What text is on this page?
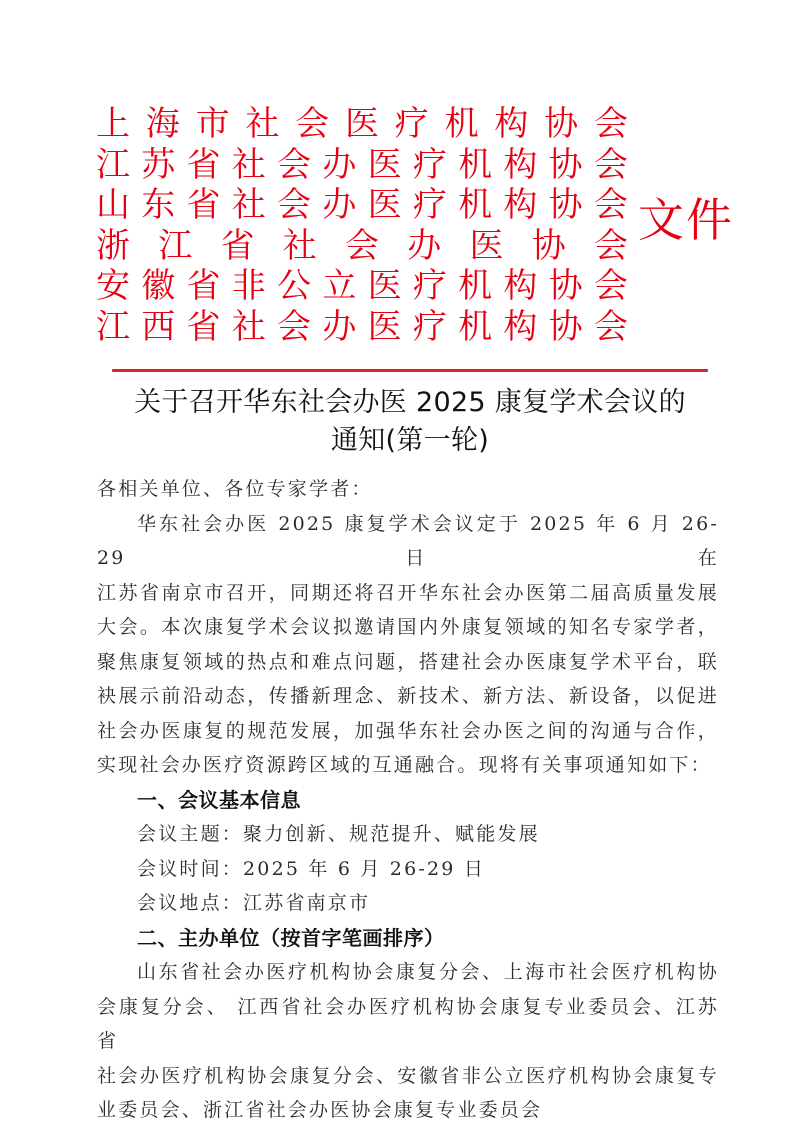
上 海 市 社 会 医 疗 机 构 协 会
江 苏 省 社 会 办 医 疗 机 构 协 会
山 东 省 社 会 办 医 疗 机 构 协 会
浙 江 省 社 会 办 医 协 会
安 徽 省 非 公 立 医 疗 机 构 协 会
江 西 省 社 会 办 医 疗 机 构 协 会
文件
关于召开华东社会办医 2025 康复学术会议的
通知(第一轮)

各相关单位、各位专家学者：

华东社会办医 2025 康复学术会议定于 2025 年 6 月 26-29 日在

江苏省南京市召开，同期还将召开华东社会办医第二届高质量发展

大会。本次康复学术会议拟邀请国内外康复领域的知名专家学者，

聚焦康复领域的热点和难点问题，搭建社会办医康复学术平台，联

袂展示前沿动态，传播新理念、新技术、新方法、新设备，以促进

社会办医康复的规范发展，加强华东社会办医之间的沟通与合作，

实现社会办医疗资源跨区域的互通融合。现将有关事项通知如下：

一、会议基本信息
会议主题：聚力创新、规范提升、赋能发展
会议时间：2025 年 6 月 26-29 日
会议地点：江苏省南京市
二、主办单位（按首字笔画排序）

山东省社会办医疗机构协会康复分会、上海市社会医疗机构协

会康复分会、 江西省社会办医疗机构协会康复专业委员会、江苏省

社会办医疗机构协会康复分会、安徽省非公立医疗机构协会康复专

业委员会、浙江省社会办医协会康复专业委员会
